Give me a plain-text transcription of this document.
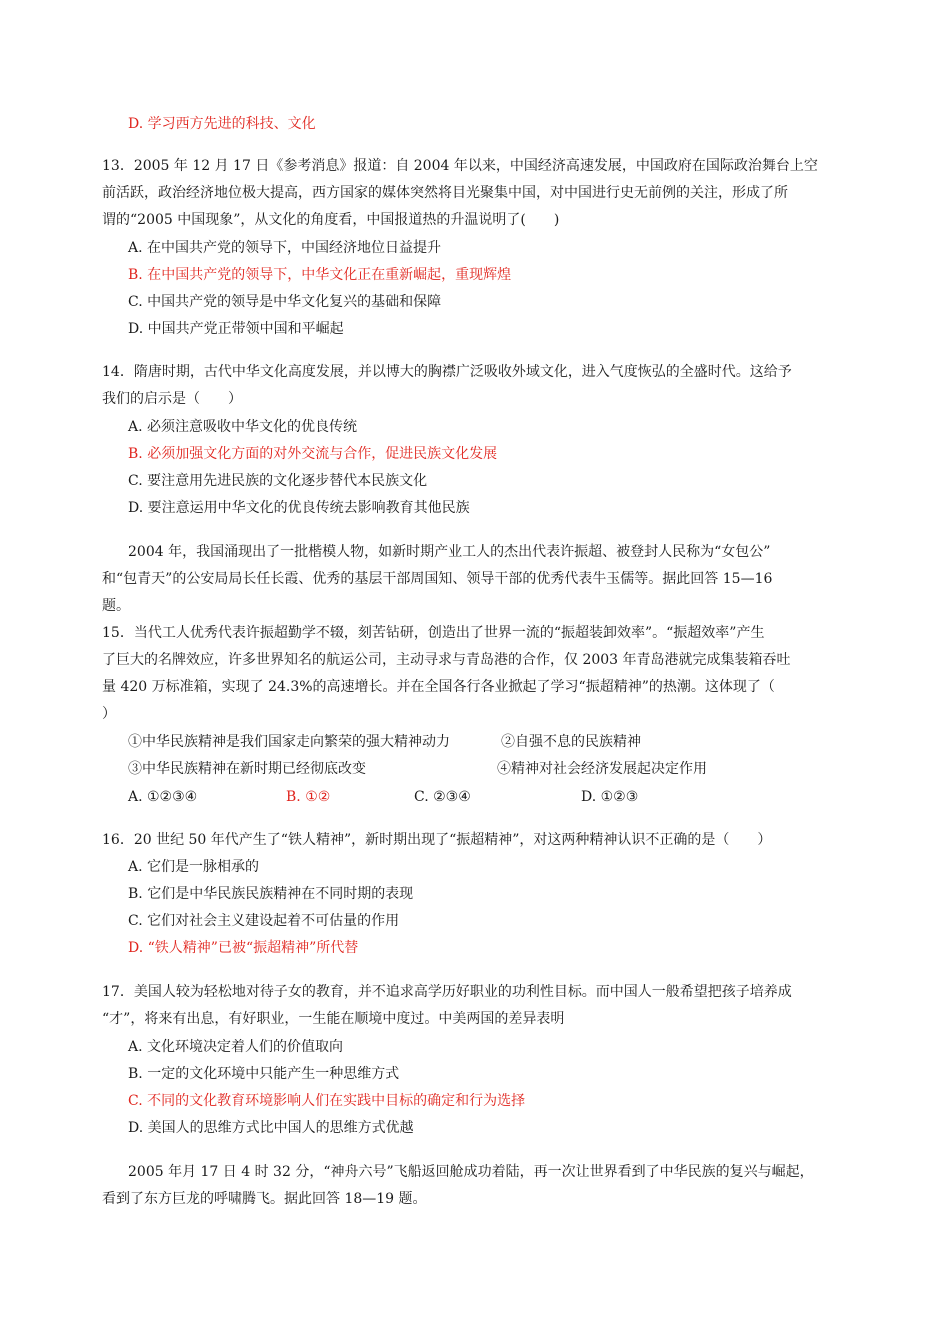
D. 学习西方先进的科技、文化
13．2005 年 12 月 17 日《参考消息》报道：自 2004 年以来，中国经济高速发展，中国政府在国际政治舞台上空
前活跃，政治经济地位极大提高，西方国家的媒体突然将目光聚集中国，对中国进行史无前例的关注，形成了所
谓的“2005 中国现象”，从文化的角度看，中国报道热的升温说明了(　　)
A. 在中国共产党的领导下，中国经济地位日益提升
B. 在中国共产党的领导下，中华文化正在重新崛起，重现辉煌
C. 中国共产党的领导是中华文化复兴的基础和保障
D. 中国共产党正带领中国和平崛起
14．隋唐时期，古代中华文化高度发展，并以博大的胸襟广泛吸收外域文化，进入气度恢弘的全盛时代。这给予
我们的启示是（　　）
A. 必须注意吸收中华文化的优良传统
B. 必须加强文化方面的对外交流与合作，促进民族文化发展
C. 要注意用先进民族的文化逐步替代本民族文化
D. 要注意运用中华文化的优良传统去影响教育其他民族
2004 年，我国涌现出了一批楷模人物，如新时期产业工人的杰出代表许振超、被登封人民称为“女包公”
和“包青天”的公安局局长任长霞、优秀的基层干部周国知、领导干部的优秀代表牛玉儒等。据此回答 15—16
题。
15．当代工人优秀代表许振超勤学不辍，刻苦钻研，创造出了世界一流的“振超装卸效率”。“振超效率”产生
了巨大的名牌效应，许多世界知名的航运公司，主动寻求与青岛港的合作，仅 2003 年青岛港就完成集装箱吞吐
量 420 万标准箱，实现了 24.3%的高速增长。并在全国各行各业掀起了学习“振超精神”的热潮。这体现了（
）
①中华民族精神是我们国家走向繁荣的强大精神动力	②自强不息的民族精神
③中华民族精神在新时期已经彻底改变	④精神对社会经济发展起决定作用
A. ①②③④	B. ①②	C. ②③④	D. ①②③
16．20 世纪 50 年代产生了“铁人精神”，新时期出现了“振超精神”，对这两种精神认识不正确的是（　　）
A. 它们是一脉相承的
B. 它们是中华民族民族精神在不同时期的表现
C. 它们对社会主义建设起着不可估量的作用
D. “铁人精神”已被“振超精神”所代替
17．美国人较为轻松地对待子女的教育，并不追求高学历好职业的功利性目标。而中国人一般希望把孩子培养成
“才”，将来有出息，有好职业，一生能在顺境中度过。中美两国的差异表明
A. 文化环境决定着人们的价值取向
B. 一定的文化环境中只能产生一种思维方式
C. 不同的文化教育环境影响人们在实践中目标的确定和行为选择
D. 美国人的思维方式比中国人的思维方式优越
2005 年月 17 日 4 时 32 分，“神舟六号”飞船返回舱成功着陆，再一次让世界看到了中华民族的复兴与崛起，
看到了东方巨龙的呼啸腾飞。据此回答 18—19 题。
